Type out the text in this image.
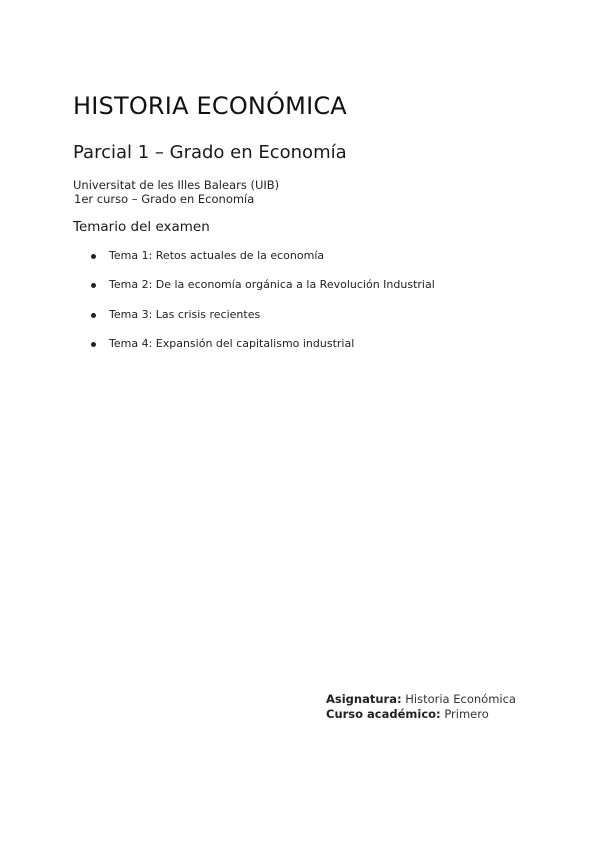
HISTORIA ECONÓMICA
Parcial 1 – Grado en Economía
Universitat de les Illes Balears (UIB)
1er curso – Grado en Economía
Temario del examen
Tema 1: Retos actuales de la economía
Tema 2: De la economía orgánica a la Revolución Industrial
Tema 3: Las crisis recientes
Tema 4: Expansión del capitalismo industrial
Asignatura: Historia Económica
Curso académico: Primero
